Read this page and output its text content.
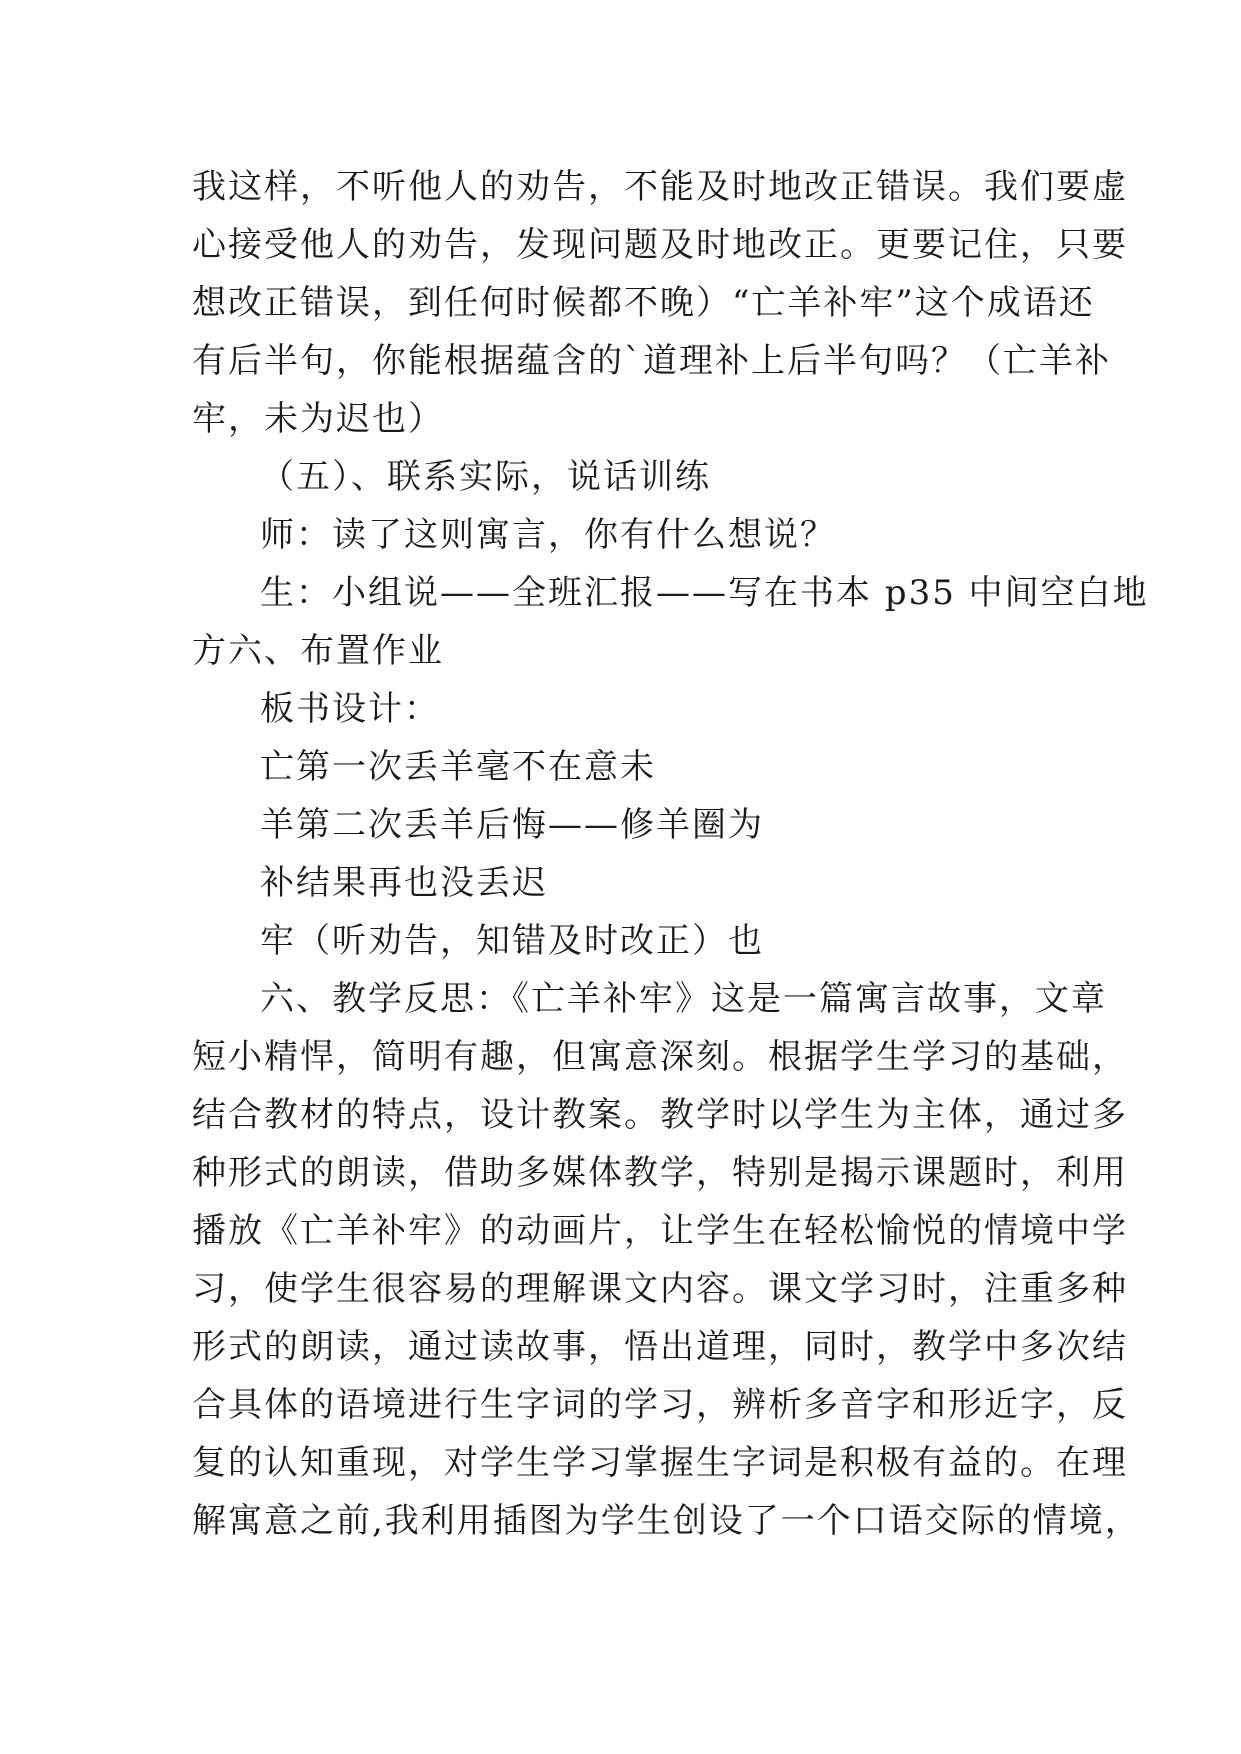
我这样，不听他人的劝告，不能及时地改正错误。我们要虚
心接受他人的劝告，发现问题及时地改正。更要记住，只要
想改正错误，到任何时候都不晚）“亡羊补牢”这个成语还
有后半句，你能根据蕴含的`道理补上后半句吗？（亡羊补
牢，未为迟也）
（五）、联系实际，说话训练
师：读了这则寓言，你有什么想说？
生：小组说——全班汇报——写在书本 p35 中间空白地
方六、布置作业
板书设计：
亡第一次丢羊毫不在意未
羊第二次丢羊后悔——修羊圈为
补结果再也没丢迟
牢（听劝告，知错及时改正）也
六、教学反思：《亡羊补牢》这是一篇寓言故事，文章
短小精悍，简明有趣，但寓意深刻。根据学生学习的基础，
结合教材的特点，设计教案。教学时以学生为主体，通过多
种形式的朗读，借助多媒体教学，特别是揭示课题时，利用
播放《亡羊补牢》的动画片，让学生在轻松愉悦的情境中学
习，使学生很容易的理解课文内容。课文学习时，注重多种
形式的朗读，通过读故事，悟出道理，同时，教学中多次结
合具体的语境进行生字词的学习，辨析多音字和形近字，反
复的认知重现，对学生学习掌握生字词是积极有益的。在理
解寓意之前,我利用插图为学生创设了一个口语交际的情境，
